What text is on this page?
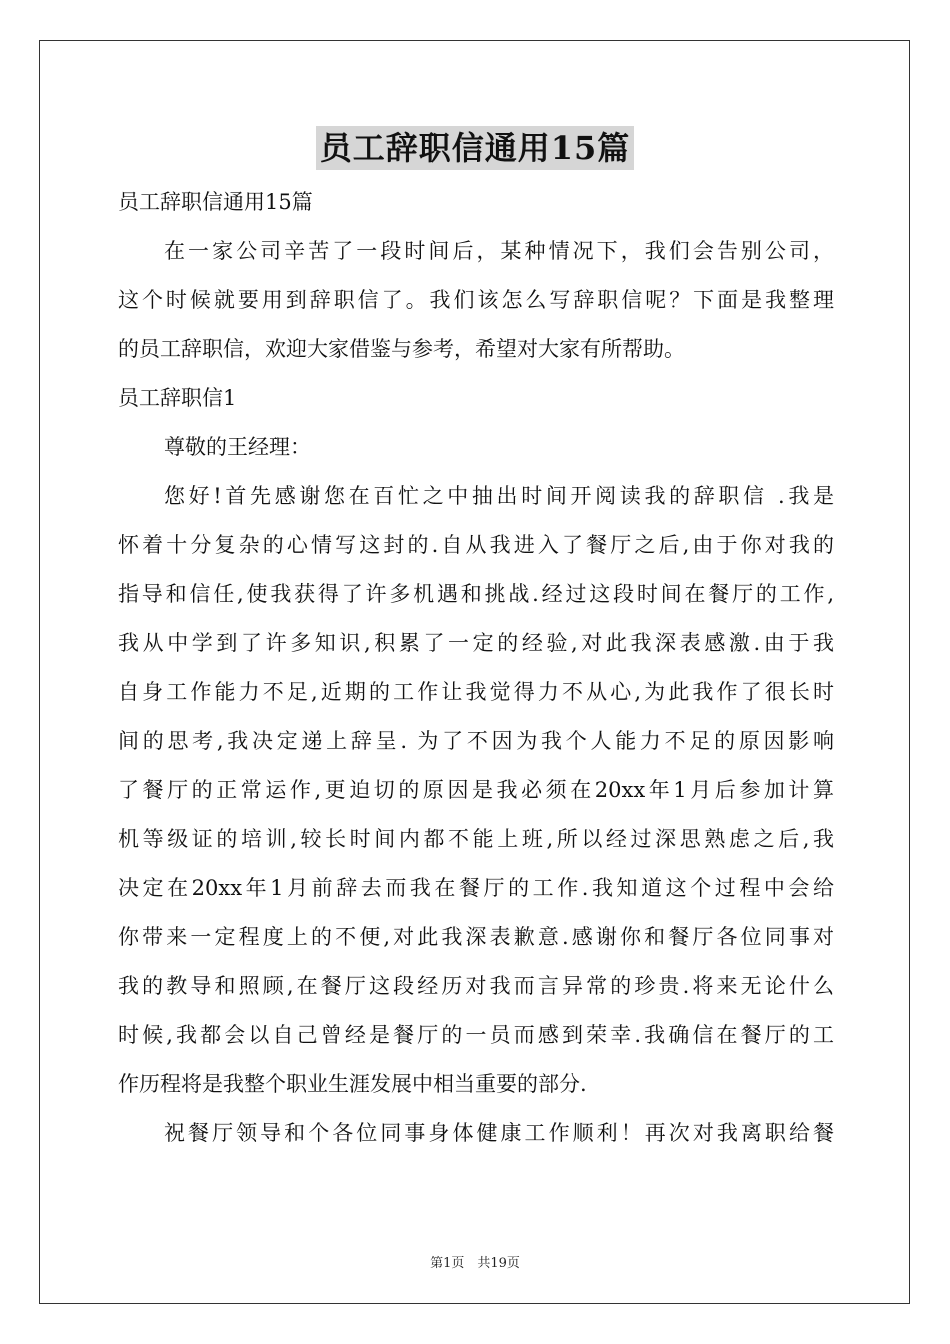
员工辞职信通用15篇
员工辞职信通用15篇
在一家公司辛苦了一段时间后，某种情况下，我们会告别公司，
这个时候就要用到辞职信了。我们该怎么写辞职信呢？下面是我整理
的员工辞职信，欢迎大家借鉴与参考，希望对大家有所帮助。
员工辞职信1
尊敬的王经理：
您好!首先感谢您在百忙之中抽出时间开阅读我的辞职信 .我是
怀着十分复杂的心情写这封的.自从我进入了餐厅之后,由于你对我的
指导和信任,使我获得了许多机遇和挑战.经过这段时间在餐厅的工作,
我从中学到了许多知识,积累了一定的经验,对此我深表感激.由于我
自身工作能力不足,近期的工作让我觉得力不从心,为此我作了很长时
间的思考,我决定递上辞呈. 为了不因为我个人能力不足的原因影响
了餐厅的正常运作,更迫切的原因是我必须在20xx年1月后参加计算
机等级证的培训,较长时间内都不能上班,所以经过深思熟虑之后,我
决定在20xx年1月前辞去而我在餐厅的工作.我知道这个过程中会给
你带来一定程度上的不便,对此我深表歉意.感谢你和餐厅各位同事对
我的教导和照顾,在餐厅这段经历对我而言异常的珍贵.将来无论什么
时候,我都会以自己曾经是餐厅的一员而感到荣幸.我确信在餐厅的工
作历程将是我整个职业生涯发展中相当重要的部分.
祝餐厅领导和个各位同事身体健康工作顺利！再次对我离职给餐
第1页　共19页
